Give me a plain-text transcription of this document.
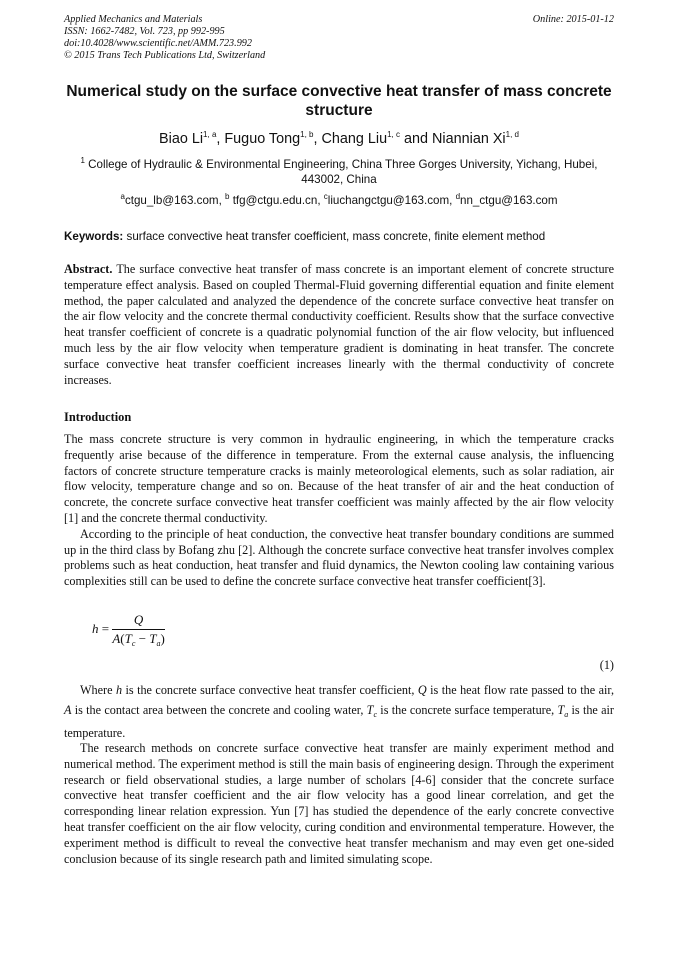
Applied Mechanics and Materials
ISSN: 1662-7482, Vol. 723, pp 992-995
doi:10.4028/www.scientific.net/AMM.723.992
© 2015 Trans Tech Publications Ltd, Switzerland
Online: 2015-01-12
Numerical study on the surface convective heat transfer of mass concrete structure
Biao Li$^{1, a}$, Fuguo Tong$^{1, b}$, Chang Liu$^{1, c}$ and Niannian Xi$^{1, d}$
$^1$ College of Hydraulic & Environmental Engineering, China Three Gorges University, Yichang, Hubei, 443002, China
$^a$ctgu_lb@163.com, $^b$ tfg@ctgu.edu.cn, $^c$liuchangctgu@163.com, $^d$nn_ctgu@163.com
Keywords: surface convective heat transfer coefficient, mass concrete, finite element method

Abstract. The surface convective heat transfer of mass concrete is an important element of concrete structure temperature effect analysis. Based on coupled Thermal-Fluid governing differential equation and finite element method, the paper calculated and analyzed the dependence of the concrete surface convective heat transfer on the air flow velocity and the concrete thermal conductivity coefficient. Results show that the surface convective heat transfer coefficient of concrete is a quadratic polynomial function of the air flow velocity, but influenced much less by the air flow velocity when temperature gradient is dominating in heat transfer. The concrete surface convective heat transfer coefficient increases linearly with the thermal conductivity of concrete increases.

Introduction

The mass concrete structure is very common in hydraulic engineering, in which the temperature cracks frequently arise because of the difference in temperature. From the external cause analysis, the influencing factors of concrete structure temperature cracks is mainly meteorological elements, such as solar radiation, air flow velocity, temperature change and so on. Because of the heat transfer of air and the heat conduction of concrete, the concrete surface convective heat transfer coefficient was mainly affected by the air flow velocity [1] and the concrete thermal conductivity.

According to the principle of heat conduction, the convective heat transfer boundary conditions are summed up in the third class by Bofang zhu [2]. Although the concrete surface convective heat transfer involves complex problems such as heat conduction, heat transfer and fluid dynamics, the Newton cooling law containing various complexities still can be used to define the concrete surface convective heat transfer coefficient[3].

$h = \frac{Q}{A(T_c - T_a)}$
(1)

Where h is the concrete surface convective heat transfer coefficient, Q is the heat flow rate passed to the air, A is the contact area between the concrete and cooling water, $T_c$ is the concrete surface temperature, $T_a$ is the air temperature.

The research methods on concrete surface convective heat transfer are mainly experiment method and numerical method. The experiment method is still the main basis of engineering design. Through the experiment research or field observational studies, a large number of scholars [4-6] consider that the concrete surface convective heat transfer coefficient and the air flow velocity has a good linear correlation, and get the corresponding linear relation expression. Yun [7] has studied the dependence of the early concrete convective heat transfer coefficient on the air flow velocity, curing condition and environmental temperature. However, the experiment method is difficult to reveal the convective heat transfer mechanism and may even get one-sided conclusion because of its single research path and limited simulating scope.
